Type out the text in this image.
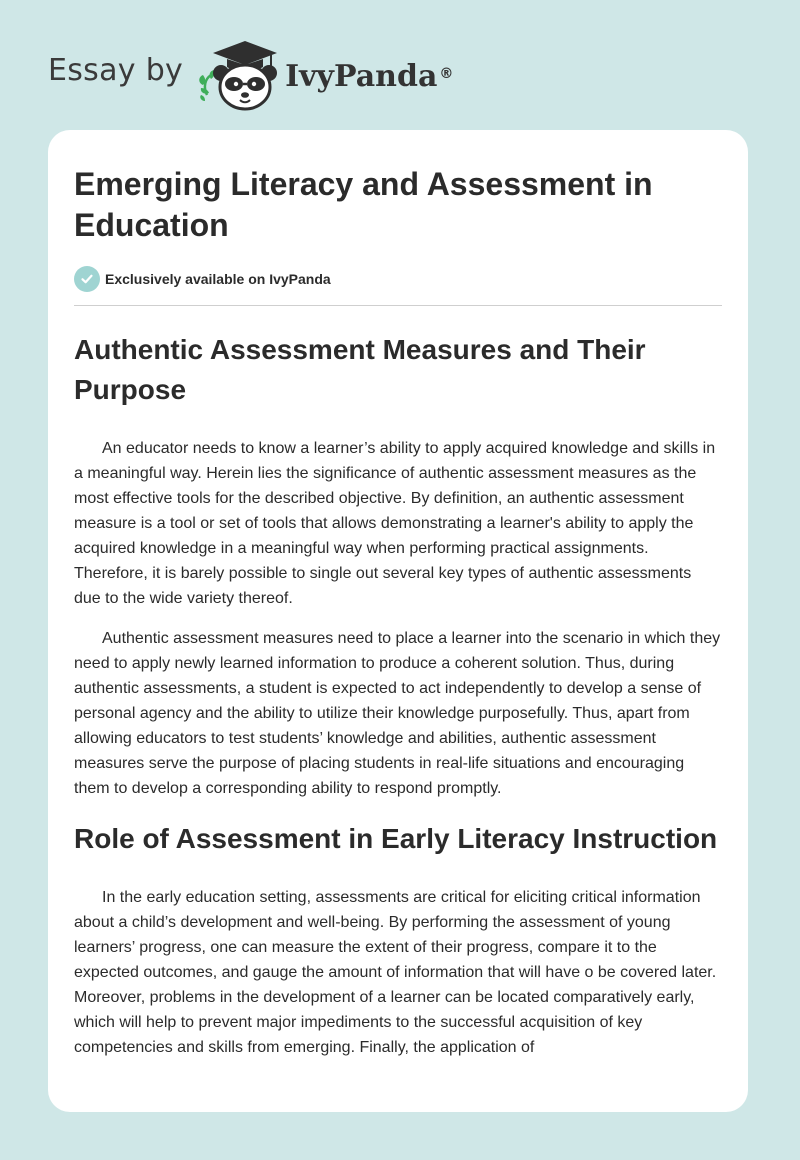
Essay by	IvyPanda ®
Emerging Literacy and Assessment in Education
Exclusively available on IvyPanda
Authentic Assessment Measures and Their Purpose

An educator needs to know a learner’s ability to apply acquired knowledge and skills in a meaningful way. Herein lies the significance of authentic assessment measures as the most effective tools for the described objective. By definition, an authentic assessment measure is a tool or set of tools that allows demonstrating a learner's ability to apply the acquired knowledge in a meaningful way when performing practical assignments. Therefore, it is barely possible to single out several key types of authentic assessments due to the wide variety thereof.

Authentic assessment measures need to place a learner into the scenario in which they need to apply newly learned information to produce a coherent solution. Thus, during authentic assessments, a student is expected to act independently to develop a sense of personal agency and the ability to utilize their knowledge purposefully. Thus, apart from allowing educators to test students’ knowledge and abilities, authentic assessment measures serve the purpose of placing students in real-life situations and encouraging them to develop a corresponding ability to respond promptly.

Role of Assessment in Early Literacy Instruction

In the early education setting, assessments are critical for eliciting critical information about a child’s development and well-being. By performing the assessment of young learners’ progress, one can measure the extent of their progress, compare it to the expected outcomes, and gauge the amount of information that will have o be covered later. Moreover, problems in the development of a learner can be located comparatively early, which will help to prevent major impediments to the successful acquisition of key competencies and skills from emerging. Finally, the application of
